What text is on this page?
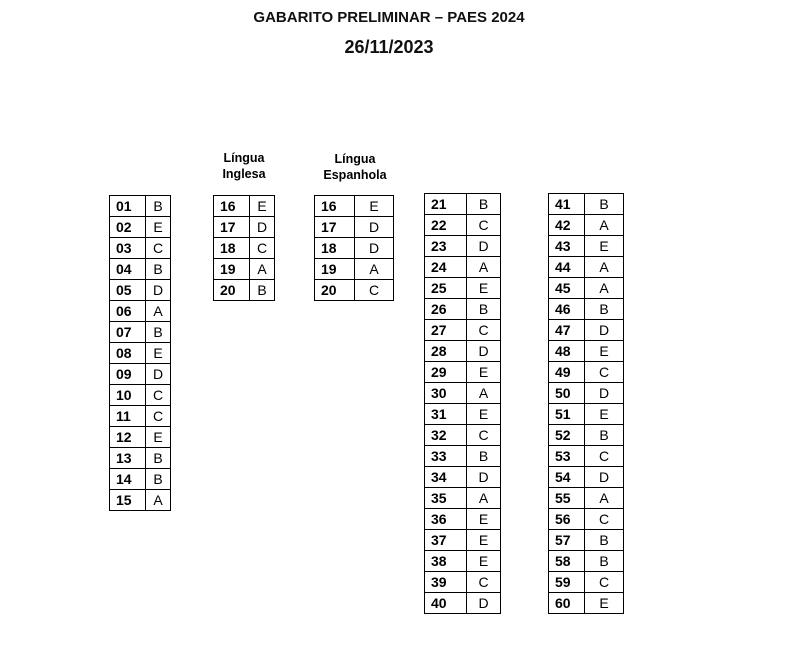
GABARITO PRELIMINAR – PAES 2024
26/11/2023
Língua
Inglesa
Língua
Espanhola
01	B
02	E
03	C
04	B
05	D
06	A
07	B
08	E
09	D
10	C
11	C
12	E
13	B
14	B
15	A
16	E
17	D
18	C
19	A
20	B
16	E
17	D
18	D
19	A
20	C
21	B
22	C
23	D
24	A
25	E
26	B
27	C
28	D
29	E
30	A
31	E
32	C
33	B
34	D
35	A
36	E
37	E
38	E
39	C
40	D
41	B
42	A
43	E
44	A
45	A
46	B
47	D
48	E
49	C
50	D
51	E
52	B
53	C
54	D
55	A
56	C
57	B
58	B
59	C
60	E
